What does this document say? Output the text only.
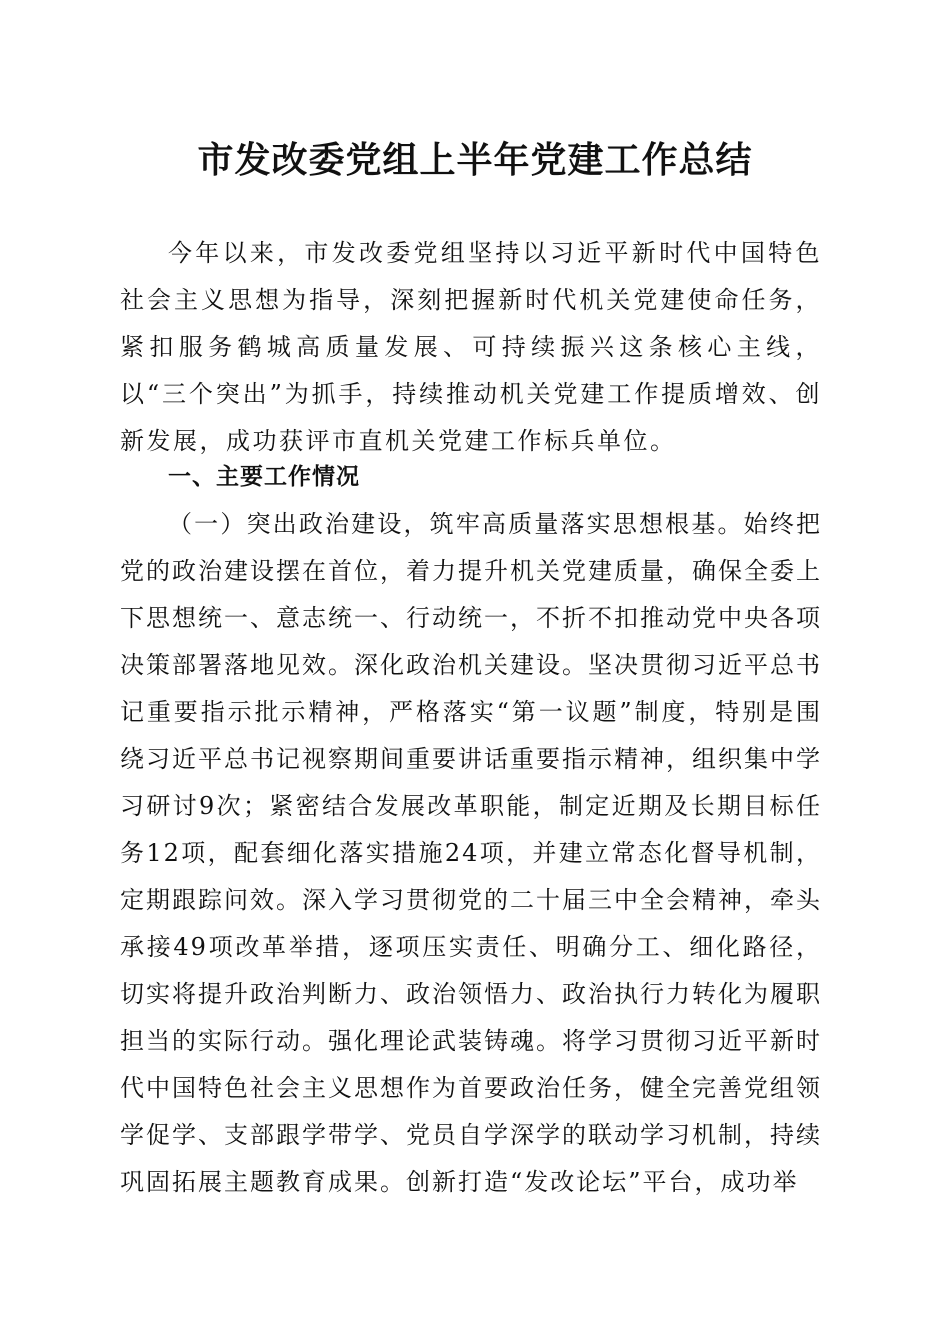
市发改委党组上半年党建工作总结

今年以来，市发改委党组坚持以习近平新时代中国特色社会主义思想为指导，深刻把握新时代机关党建使命任务，紧扣服务鹤城高质量发展、可持续振兴这条核心主线，以“三个突出”为抓手，持续推动机关党建工作提质增效、创新发展，成功获评市直机关党建工作标兵单位。

一、主要工作情况

（一）突出政治建设，筑牢高质量落实思想根基。始终把党的政治建设摆在首位，着力提升机关党建质量，确保全委上下思想统一、意志统一、行动统一，不折不扣推动党中央各项决策部署落地见效。深化政治机关建设。坚决贯彻习近平总书记重要指示批示精神，严格落实“第一议题”制度，特别是围绕习近平总书记视察期间重要讲话重要指示精神，组织集中学习研讨9次；紧密结合发展改革职能，制定近期及长期目标任务12项，配套细化落实措施24项，并建立常态化督导机制，定期跟踪问效。深入学习贯彻党的二十届三中全会精神，牵头承接49项改革举措，逐项压实责任、明确分工、细化路径，切实将提升政治判断力、政治领悟力、政治执行力转化为履职担当的实际行动。强化理论武装铸魂。将学习贯彻习近平新时代中国特色社会主义思想作为首要政治任务，健全完善党组领学促学、支部跟学带学、党员自学深学的联动学习机制，持续巩固拓展主题教育成果。创新打造“发改论坛”平台，成功举
